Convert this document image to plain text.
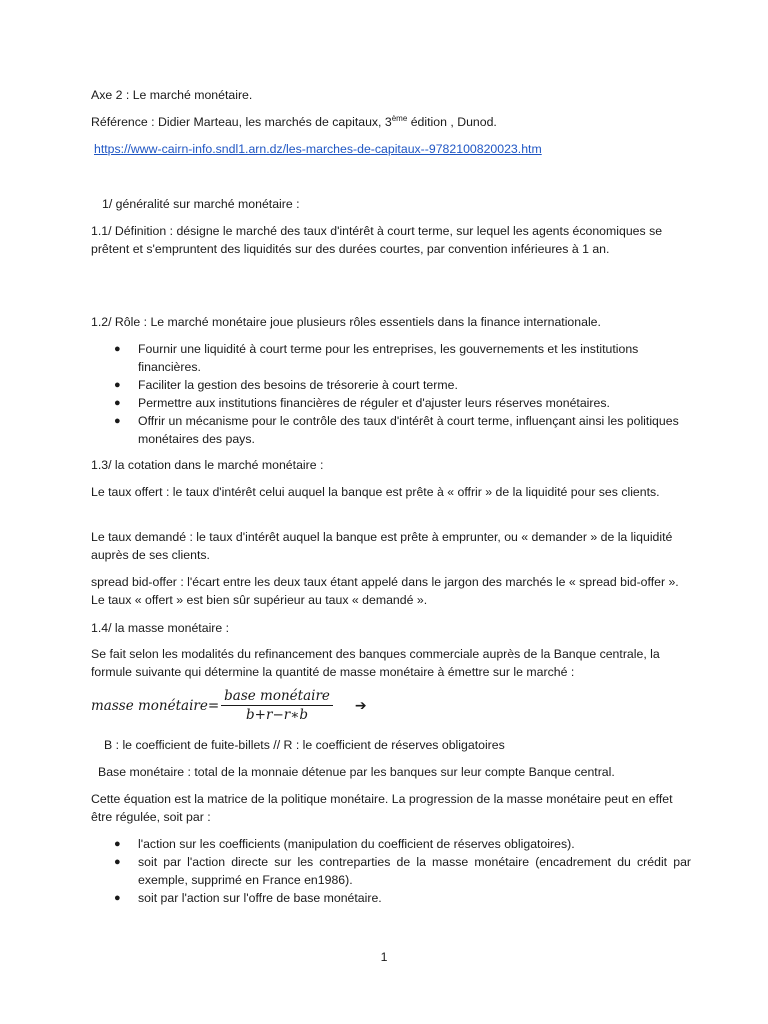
Axe 2 : Le marché monétaire.
Référence : Didier Marteau, les marchés de capitaux, 3ème édition , Dunod.
https://www-cairn-info.sndl1.arn.dz/les-marches-de-capitaux--9782100820023.htm
1/ généralité sur marché monétaire :
1.1/ Définition : désigne le marché des taux d'intérêt à court terme, sur lequel les agents économiques se prêtent et s'empruntent des liquidités sur des durées courtes, par convention inférieures à 1 an.
1.2/ Rôle : Le marché monétaire joue plusieurs rôles essentiels dans la finance internationale.
● Fournir une liquidité à court terme pour les entreprises, les gouvernements et les institutions financières.
● Faciliter la gestion des besoins de trésorerie à court terme.
● Permettre aux institutions financières de réguler et d'ajuster leurs réserves monétaires.
● Offrir un mécanisme pour le contrôle des taux d'intérêt à court terme, influençant ainsi les politiques monétaires des pays.
1.3/ la cotation dans le marché monétaire :
Le taux offert : le taux d'intérêt celui auquel la banque est prête à « offrir » de la liquidité pour ses clients.
Le taux demandé : le taux d'intérêt auquel la banque est prête à emprunter, ou « demander » de la liquidité auprès de ses clients.
spread bid-offer : l'écart entre les deux taux étant appelé dans le jargon des marchés le « spread bid-offer ». Le taux « offert » est bien sûr supérieur au taux « demandé ».
1.4/ la masse monétaire :
Se fait selon les modalités du refinancement des banques commerciale auprès de la Banque centrale, la formule suivante qui détermine la quantité de masse monétaire à émettre sur le marché :
masse monétaire= $\frac{\text{base monétaire}}{b+r-r∗b}$ ➔
B : le coefficient de fuite-billets // R : le coefficient de réserves obligatoires
Base monétaire : total de la monnaie détenue par les banques sur leur compte Banque central.
Cette équation est la matrice de la politique monétaire. La progression de la masse monétaire peut en effet être régulée, soit par :
● l'action sur les coefficients (manipulation du coefficient de réserves obligatoires).
● soit par l'action directe sur les contreparties de la masse monétaire (encadrement du crédit par exemple, supprimé en France en1986).
● soit par l'action sur l'offre de base monétaire.
1
